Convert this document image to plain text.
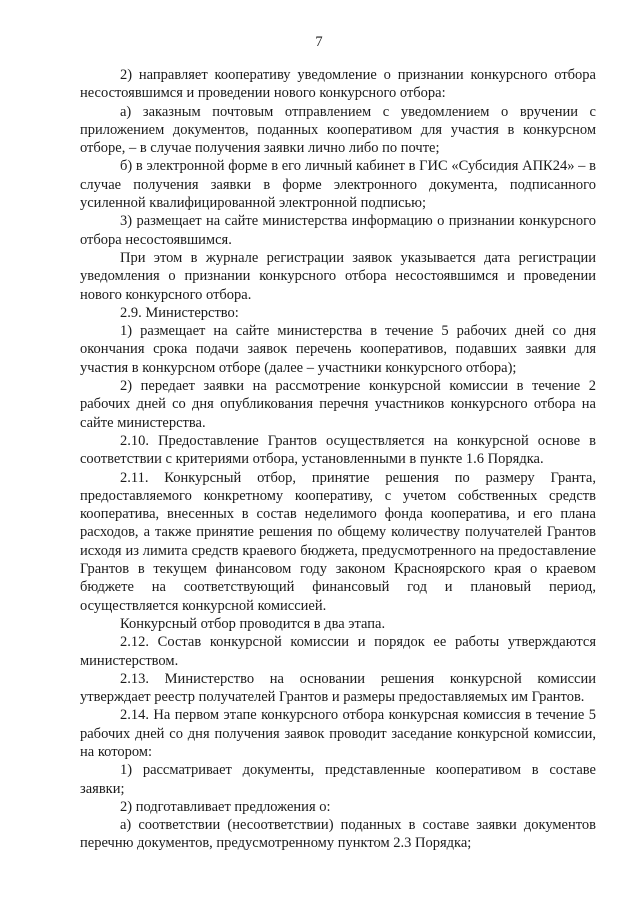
7

2) направляет кооперативу уведомление о признании конкурсного отбора несостоявшимся и проведении нового конкурсного отбора:

а) заказным почтовым отправлением с уведомлением о вручении с приложением документов, поданных кооперативом для участия в конкурсном отборе, – в случае получения заявки лично либо по почте;

б) в электронной форме в его личный кабинет в ГИС «Субсидия АПК24» – в случае получения заявки в форме электронного документа, подписанного усиленной квалифицированной электронной подписью;

3) размещает на сайте министерства информацию о признании конкурсного отбора несостоявшимся.

При этом в журнале регистрации заявок указывается дата регистрации уведомления о признании конкурсного отбора несостоявшимся и проведении нового конкурсного отбора.

2.9. Министерство:

1) размещает на сайте министерства в течение 5 рабочих дней со дня окончания срока подачи заявок перечень кооперативов, подавших заявки для участия в конкурсном отборе (далее – участники конкурсного отбора);

2) передает заявки на рассмотрение конкурсной комиссии в течение 2 рабочих дней со дня опубликования перечня участников конкурсного отбора на сайте министерства.

2.10. Предоставление Грантов осуществляется на конкурсной основе в соответствии с критериями отбора, установленными в пункте 1.6 Порядка.

2.11. Конкурсный отбор, принятие решения по размеру Гранта, предоставляемого конкретному кооперативу, с учетом собственных средств кооператива, внесенных в состав неделимого фонда кооператива, и его плана расходов, а также принятие решения по общему количеству получателей Грантов исходя из лимита средств краевого бюджета, предусмотренного на предоставление Грантов в текущем финансовом году законом Красноярского края о краевом бюджете на соответствующий финансовый год и плановый период, осуществляется конкурсной комиссией.

Конкурсный отбор проводится в два этапа.

2.12. Состав конкурсной комиссии и порядок ее работы утверждаются министерством.

2.13. Министерство на основании решения конкурсной комиссии утверждает реестр получателей Грантов и размеры предоставляемых им Грантов.

2.14. На первом этапе конкурсного отбора конкурсная комиссия в течение 5 рабочих дней со дня получения заявок проводит заседание конкурсной комиссии, на котором:

1) рассматривает документы, представленные кооперативом в составе заявки;

2) подготавливает предложения о:

а) соответствии (несоответствии) поданных в составе заявки документов перечню документов, предусмотренному пунктом 2.3 Порядка;
